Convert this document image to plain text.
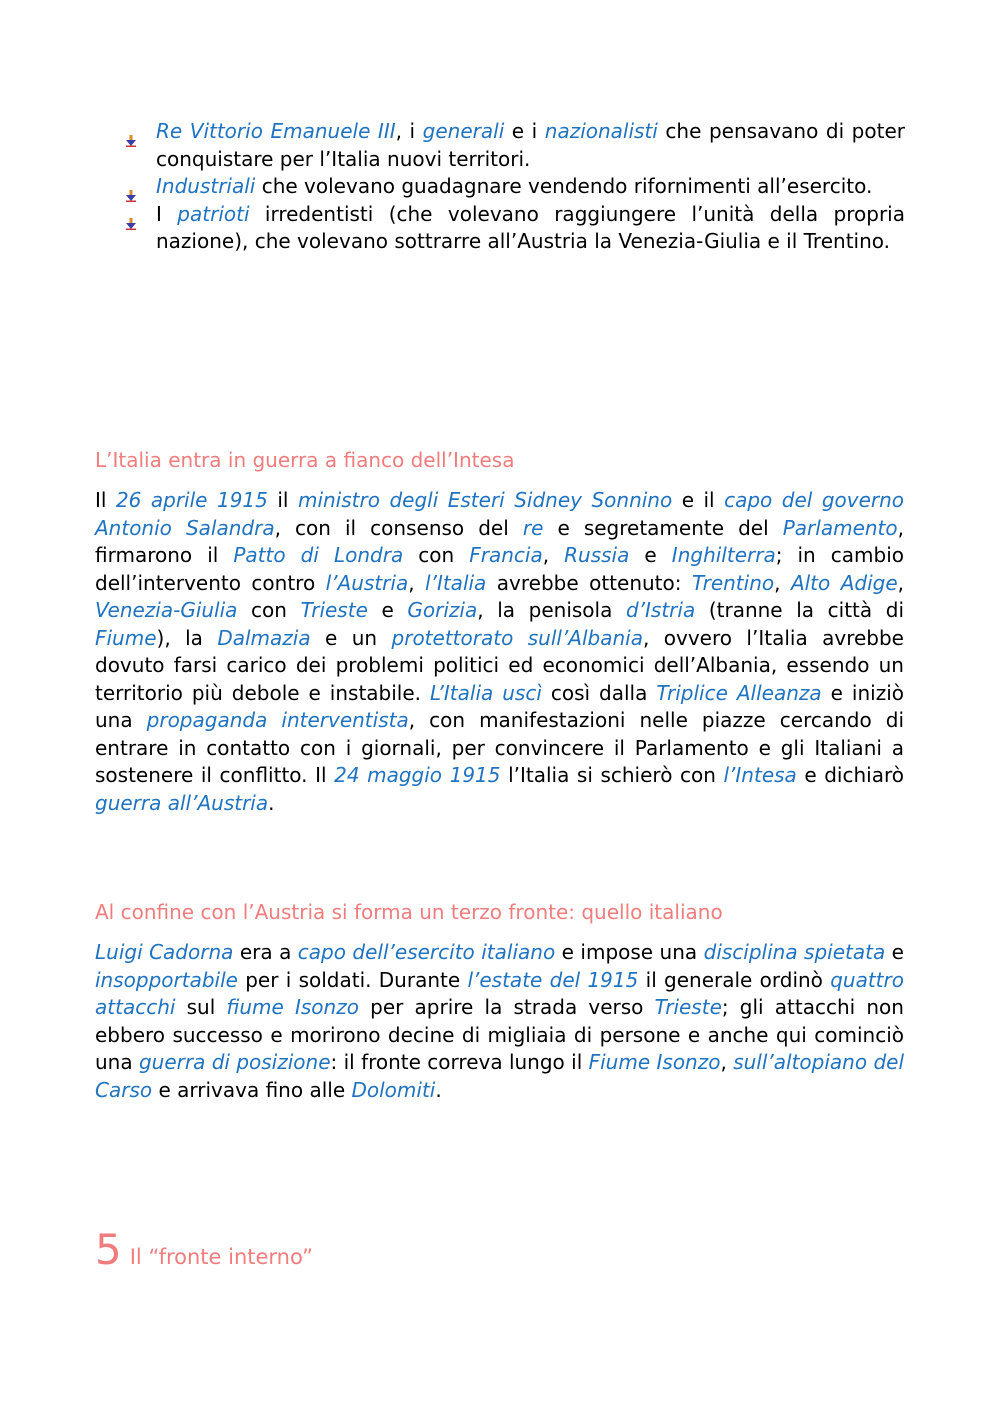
Re Vittorio Emanuele III, i generali e i nazionalisti che pensavano di poter conquistare per l’Italia nuovi territori.
Industriali che volevano guadagnare vendendo rifornimenti all’esercito.
I patrioti irredentisti (che volevano raggiungere l’unità della propria nazione), che volevano sottrarre all’Austria la Venezia-Giulia e il Trentino.
L’Italia entra in guerra a fianco dell’Intesa

Il 26 aprile 1915 il ministro degli Esteri Sidney Sonnino e il capo del governo Antonio Salandra, con il consenso del re e segretamente del Parlamento, firmarono il Patto di Londra con Francia, Russia e Inghilterra; in cambio dell’intervento contro l’Austria, l’Italia avrebbe ottenuto: Trentino, Alto Adige, Venezia-Giulia con Trieste e Gorizia, la penisola d’Istria (tranne la città di Fiume), la Dalmazia e un protettorato sull’Albania, ovvero l’Italia avrebbe dovuto farsi carico dei problemi politici ed economici dell’Albania, essendo un territorio più debole e instabile. L’Italia uscì così dalla Triplice Alleanza e iniziò una propaganda interventista, con manifestazioni nelle piazze cercando di entrare in contatto con i giornali, per convincere il Parlamento e gli Italiani a sostenere il conflitto. Il 24 maggio 1915 l’Italia si schierò con l’Intesa e dichiarò guerra all’Austria.

Al confine con l’Austria si forma un terzo fronte: quello italiano

Luigi Cadorna era a capo dell’esercito italiano e impose una disciplina spietata e insopportabile per i soldati. Durante l’estate del 1915 il generale ordinò quattro attacchi sul fiume Isonzo per aprire la strada verso Trieste; gli attacchi non ebbero successo e morirono decine di migliaia di persone e anche qui cominciò una guerra di posizione: il fronte correva lungo il Fiume Isonzo, sull’altopiano del Carso e arrivava fino alle Dolomiti.

5 Il “fronte interno”
